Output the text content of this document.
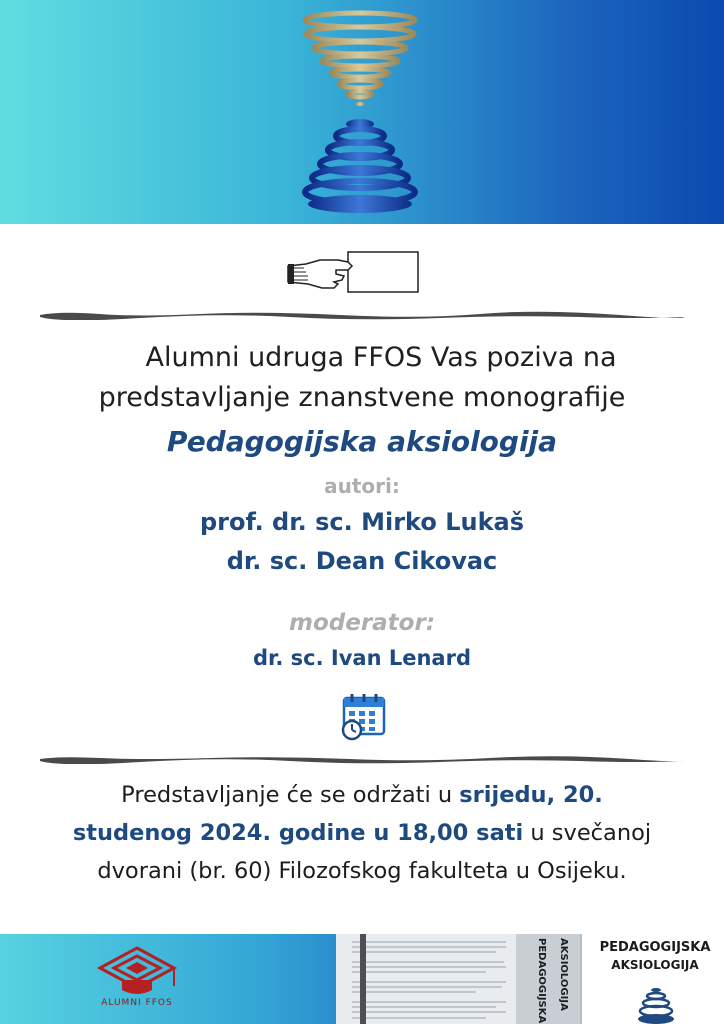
Alumni udruga FFOS Vas poziva na
predstavljanje znanstvene monografije
Pedagogijska aksiologija
autori:
prof. dr. sc. Mirko Lukaš
dr. sc. Dean Cikovac
moderator:
dr. sc. Ivan Lenard
Predstavljanje će se održati u srijedu, 20.
studenog 2024. godine u 18,00 sati u svečanoj
dvorani (br. 60) Filozofskog fakulteta u Osijeku.
ALUMNI FFOS	PEDAGOGIJSKA AKSIOLOGIJA	PEDAGOGIJSKA
AKSIOLOGIJA
